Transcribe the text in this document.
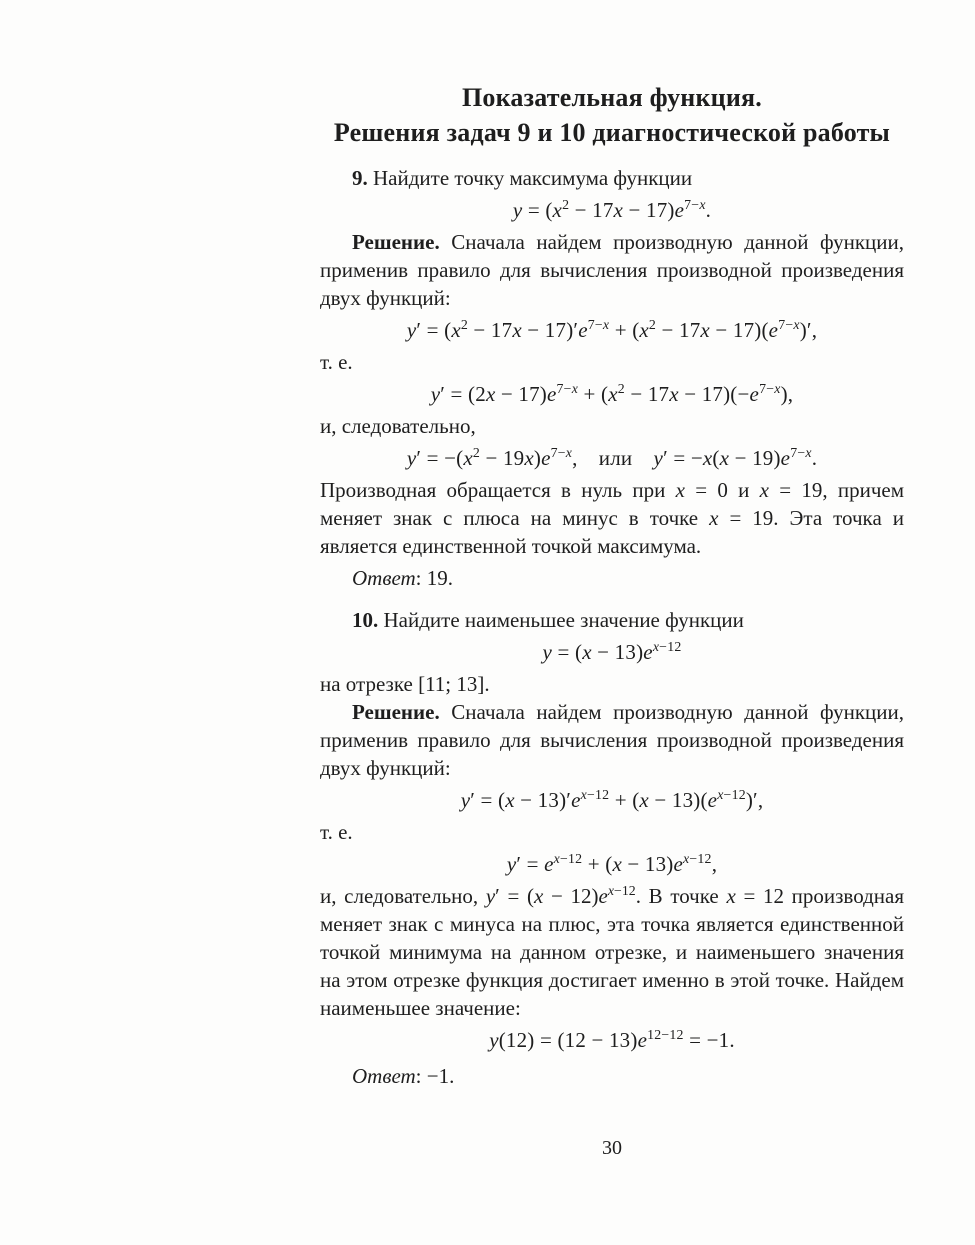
Показательная функция.
Решения задач 9 и 10 диагностической работы

9. Найдите точку максимума функции

$y = (x^2 - 17x - 17)e^{7-x}$.

Решение. Сначала найдем производную данной функции, применив правило для вычисления производной произведения двух функций:

$y' = (x^2 - 17x - 17)'e^{7-x} + (x^2 - 17x - 17)(e^{7-x})'$,

т. е.

$y' = (2x - 17)e^{7-x} + (x^2 - 17x - 17)(-e^{7-x})$,

и, следовательно,

$y' = -(x^2 - 19x)e^{7-x}$, или $y' = -x(x - 19)e^{7-x}$.

Производная обращается в нуль при x = 0 и x = 19, причем меняет знак с плюса на минус в точке x = 19. Эта точка и является единственной точкой максимума.

Ответ: 19.

10. Найдите наименьшее значение функции

$y = (x - 13)e^{x-12}$

на отрезке [11; 13].

Решение. Сначала найдем производную данной функции, применив правило для вычисления производной произведения двух функций:

$y' = (x - 13)'e^{x-12} + (x - 13)(e^{x-12})'$,

т. е.

$y' = e^{x-12} + (x - 13)e^{x-12}$,

и, следовательно, $y' = (x - 12)e^{x-12}$. В точке x = 12 производная меняет знак с минуса на плюс, эта точка является единственной точкой минимума на данном отрезке, и наименьшего значения на этом отрезке функция достигает именно в этой точке. Найдем наименьшее значение:

$y(12) = (12 - 13)e^{12-12} = -1$.

Ответ: −1.

30
